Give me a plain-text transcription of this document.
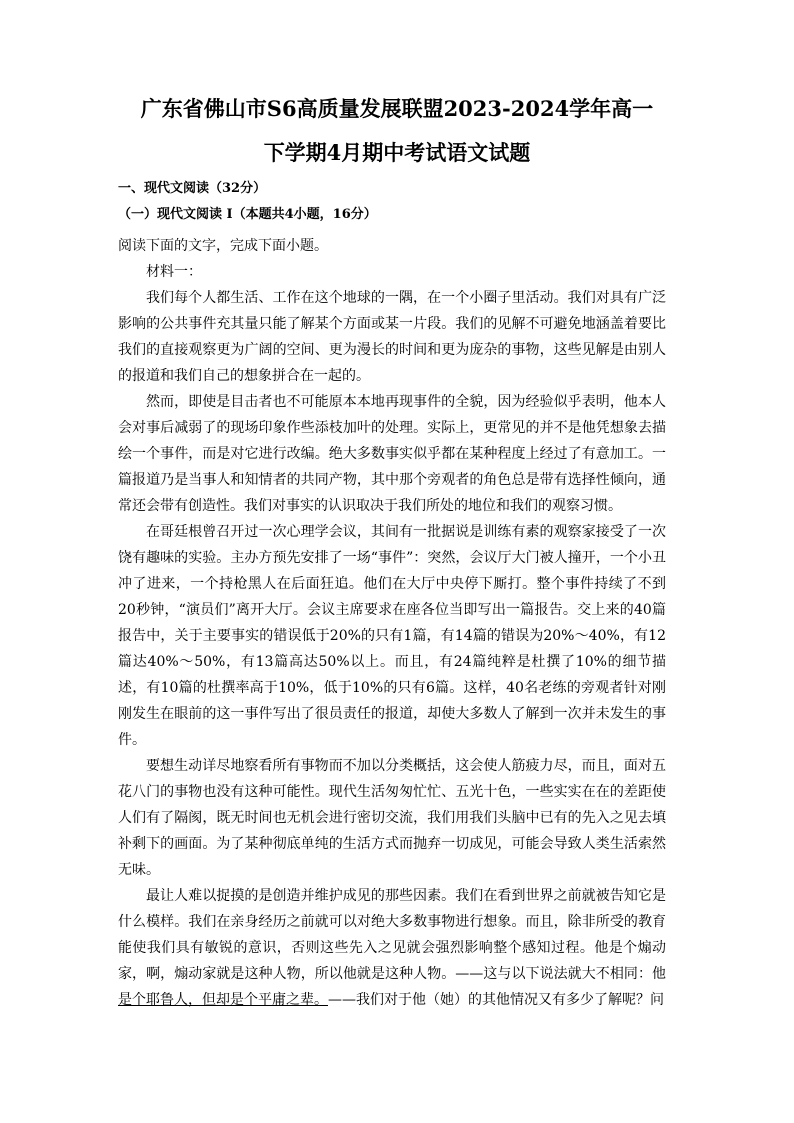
广东省佛山市S6高质量发展联盟2023-2024学年高一
下学期4月期中考试语文试题
一、现代文阅读（32分）
（一）现代文阅读 I（本题共4小题，16分）

阅读下面的文字，完成下面小题。

材料一：

我们每个人都生活、工作在这个地球的一隅，在一个小圈子里活动。我们对具有广泛影响的公共事件充其量只能了解某个方面或某一片段。我们的见解不可避免地涵盖着要比我们的直接观察更为广阔的空间、更为漫长的时间和更为庞杂的事物，这些见解是由别人的报道和我们自己的想象拼合在一起的。

然而，即使是目击者也不可能原本本地再现事件的全貌，因为经验似乎表明，他本人会对事后减弱了的现场印象作些添枝加叶的处理。实际上，更常见的并不是他凭想象去描绘一个事件，而是对它进行改编。绝大多数事实似乎都在某种程度上经过了有意加工。一篇报道乃是当事人和知情者的共同产物，其中那个旁观者的角色总是带有选择性倾向，通常还会带有创造性。我们对事实的认识取决于我们所处的地位和我们的观察习惯。

在哥廷根曾召开过一次心理学会议，其间有一批据说是训练有素的观察家接受了一次饶有趣味的实验。主办方预先安排了一场“事件”：突然，会议厅大门被人撞开，一个小丑冲了进来，一个持枪黑人在后面狂追。他们在大厅中央停下厮打。整个事件持续了不到20秒钟，“演员们”离开大厅。会议主席要求在座各位当即写出一篇报告。交上来的40篇报告中，关于主要事实的错误低于20%的只有1篇，有14篇的错误为20%～40%，有12篇达40%～50%，有13篇高达50%以上。而且，有24篇纯粹是杜撰了10%的细节描述，有10篇的杜撰率高于10%，低于10%的只有6篇。这样，40名老练的旁观者针对刚刚发生在眼前的这一事件写出了很员责任的报道，却使大多数人了解到一次并未发生的事件。

要想生动详尽地察看所有事物而不加以分类概括，这会使人筋疲力尽，而且，面对五花八门的事物也没有这种可能性。现代生活匆匆忙忙、五光十色，一些实实在在的差距使人们有了隔阂，既无时间也无机会进行密切交流，我们用我们头脑中已有的先入之见去填补剩下的画面。为了某种彻底单纯的生活方式而抛弃一切成见，可能会导致人类生活索然无味。

最让人难以捉摸的是创造并维护成见的那些因素。我们在看到世界之前就被告知它是什么模样。我们在亲身经历之前就可以对绝大多数事物进行想象。而且，除非所受的教育能使我们具有敏锐的意识，否则这些先入之见就会强烈影响整个感知过程。他是个煽动家，啊，煽动家就是这种人物，所以他就是这种人物。——这与以下说法就大不相同：他是个耶鲁人，但却是个平庸之辈。——我们对于他（她）的其他情况又有多少了解呢？问
